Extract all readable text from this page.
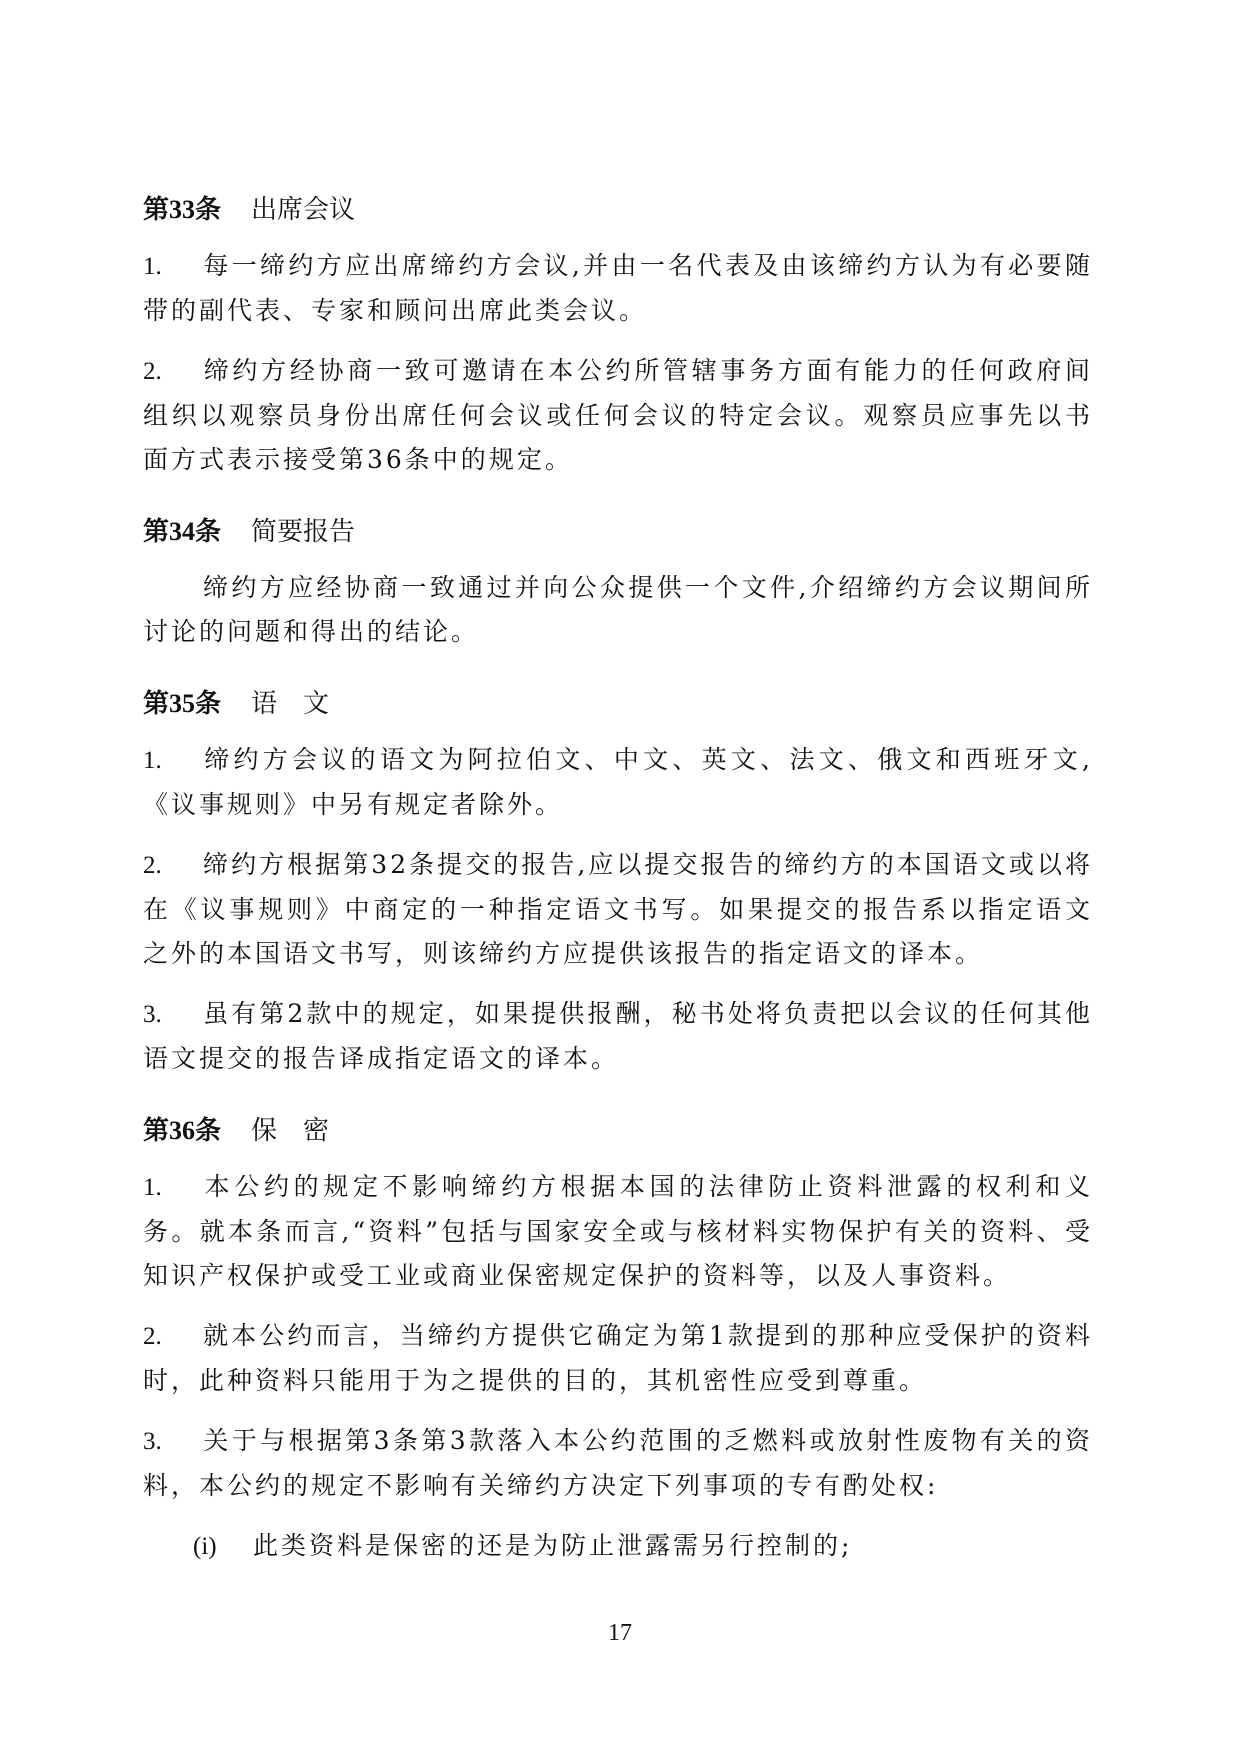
第33条 出席会议

1. 每一缔约方应出席缔约方会议,并由一名代表及由该缔约方认为有必要随带的副代表、专家和顾问出席此类会议。

2. 缔约方经协商一致可邀请在本公约所管辖事务方面有能力的任何政府间组织以观察员身份出席任何会议或任何会议的特定会议。观察员应事先以书面方式表示接受第36条中的规定。

第34条 简要报告

缔约方应经协商一致通过并向公众提供一个文件,介绍缔约方会议期间所讨论的问题和得出的结论。

第35条 语　文

1. 缔约方会议的语文为阿拉伯文、中文、英文、法文、俄文和西班牙文,《议事规则》中另有规定者除外。

2. 缔约方根据第32条提交的报告,应以提交报告的缔约方的本国语文或以将在《议事规则》中商定的一种指定语文书写。如果提交的报告系以指定语文之外的本国语文书写，则该缔约方应提供该报告的指定语文的译本。

3. 虽有第2款中的规定，如果提供报酬，秘书处将负责把以会议的任何其他语文提交的报告译成指定语文的译本。

第36条 保　密

1. 本公约的规定不影响缔约方根据本国的法律防止资料泄露的权利和义务。就本条而言,“资料”包括与国家安全或与核材料实物保护有关的资料、受知识产权保护或受工业或商业保密规定保护的资料等，以及人事资料。

2. 就本公约而言，当缔约方提供它确定为第1款提到的那种应受保护的资料时，此种资料只能用于为之提供的目的，其机密性应受到尊重。

3. 关于与根据第3条第3款落入本公约范围的乏燃料或放射性废物有关的资料，本公约的规定不影响有关缔约方决定下列事项的专有酌处权:

(i) 此类资料是保密的还是为防止泄露需另行控制的;

17
